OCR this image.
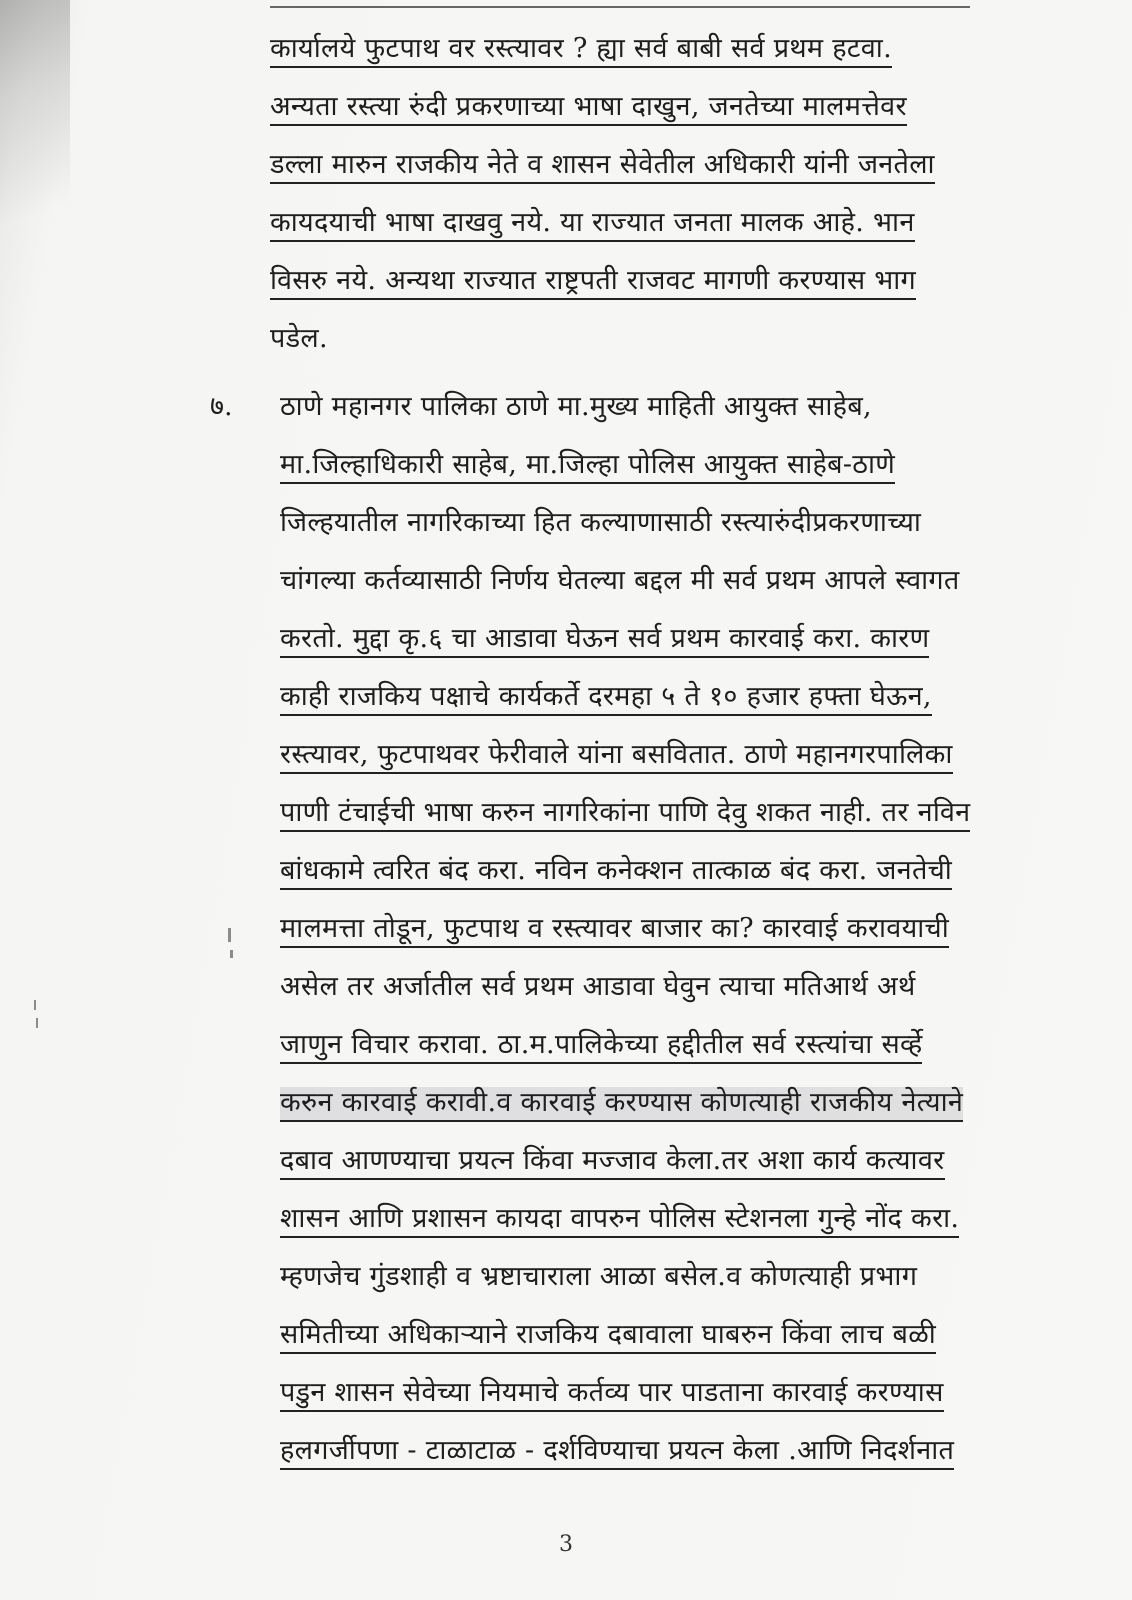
कार्यालये फुटपाथ वर रस्त्यावर ? ह्या सर्व बाबी सर्व प्रथम हटवा.
अन्यता रस्त्या रुंदी प्रकरणाच्या भाषा दाखुन, जनतेच्या मालमत्तेवर
डल्ला मारुन राजकीय नेते व शासन सेवेतील अधिकारी यांनी जनतेला
कायदयाची भाषा दाखवु नये. या राज्यात जनता मालक आहे. भान
विसरु नये. अन्यथा राज्यात राष्ट्रपती राजवट मागणी करण्यास भाग
पडेल.
७. ठाणे महानगर पालिका ठाणे मा.मुख्य माहिती आयुक्त साहेब,
मा.जिल्हाधिकारी साहेब, मा.जिल्हा पोलिस आयुक्त साहेब-ठाणे
जिल्हयातील नागरिकाच्या हित कल्याणासाठी रस्त्यारुंदीप्रकरणाच्या
चांगल्या कर्तव्यासाठी निर्णय घेतल्या बद्दल मी सर्व प्रथम आपले स्वागत
करतो. मुद्दा कृ.६ चा आडावा घेऊन सर्व प्रथम कारवाई करा. कारण
काही राजकिय पक्षाचे कार्यकर्ते दरमहा ५ ते १० हजार हफ्ता घेऊन,
रस्त्यावर, फुटपाथवर फेरीवाले यांना बसवितात. ठाणे महानगरपालिका
पाणी टंचाईची भाषा करुन नागरिकांना पाणि देवु शकत नाही. तर नविन
बांधकामे त्वरित बंद करा. नविन कनेक्शन तात्काळ बंद करा. जनतेची
मालमत्ता तोडून, फुटपाथ व रस्त्यावर बाजार का? कारवाई करावयाची
असेल तर अर्जातील सर्व प्रथम आडावा घेवुन त्याचा मतिआर्थ अर्थ
जाणुन विचार करावा. ठा.म.पालिकेच्या हद्दीतील सर्व रस्त्यांचा सर्व्हे
करुन कारवाई करावी.व कारवाई करण्यास कोणत्याही राजकीय नेत्याने
दबाव आणण्याचा प्रयत्न किंवा मज्जाव केला.तर अशा कार्य कत्यावर
शासन आणि प्रशासन कायदा वापरुन पोलिस स्टेशनला गुन्हे नोंद करा.
म्हणजेच गुंडशाही व भ्रष्टाचाराला आळा बसेल.व कोणत्याही प्रभाग
समितीच्या अधिकाऱ्याने राजकिय दबावाला घाबरुन किंवा लाच बळी
पडुन शासन सेवेच्या नियमाचे कर्तव्य पार पाडताना कारवाई करण्यास
हलगर्जीपणा - टाळाटाळ - दर्शविण्याचा प्रयत्न केला .आणि निदर्शनात
3
